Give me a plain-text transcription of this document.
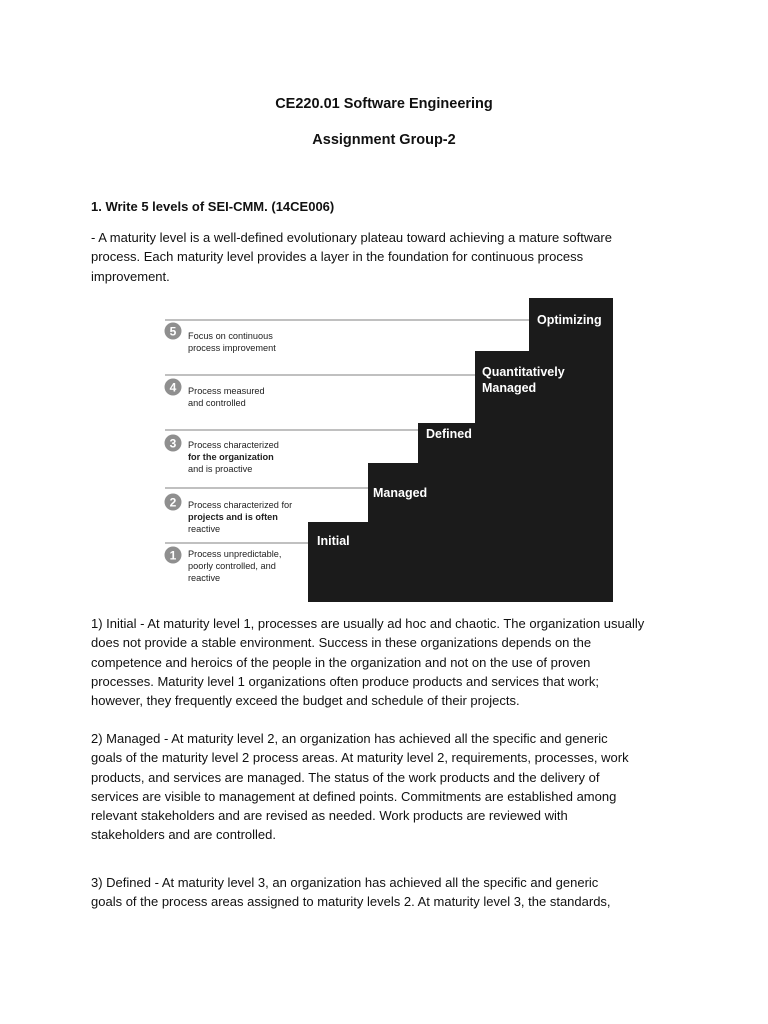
CE220.01 Software Engineering
Assignment Group-2
1. Write 5 levels of SEI-CMM. (14CE006)

- A maturity level is a well-defined evolutionary plateau toward achieving a mature software
process. Each maturity level provides a layer in the foundation for continuous process
improvement.

5
4
3
2
1
Focus on continuous
process improvement
Process measured
and controlled
Process characterized
for the organization
and is proactive
Process characterized for
projects and is often
reactive
Process unpredictable,
poorly controlled, and
reactive
Initial
Managed
Defined
Quantitatively
Managed
Optimizing

1) Initial - At maturity level 1, processes are usually ad hoc and chaotic. The organization usually
does not provide a stable environment. Success in these organizations depends on the
competence and heroics of the people in the organization and not on the use of proven
processes. Maturity level 1 organizations often produce products and services that work;
however, they frequently exceed the budget and schedule of their projects.

2) Managed - At maturity level 2, an organization has achieved all the specific and generic
goals of the maturity level 2 process areas. At maturity level 2, requirements, processes, work
products, and services are managed. The status of the work products and the delivery of
services are visible to management at defined points. Commitments are established among
relevant stakeholders and are revised as needed. Work products are reviewed with
stakeholders and are controlled.

3) Defined - At maturity level 3, an organization has achieved all the specific and generic
goals of the process areas assigned to maturity levels 2. At maturity level 3, the standards,
